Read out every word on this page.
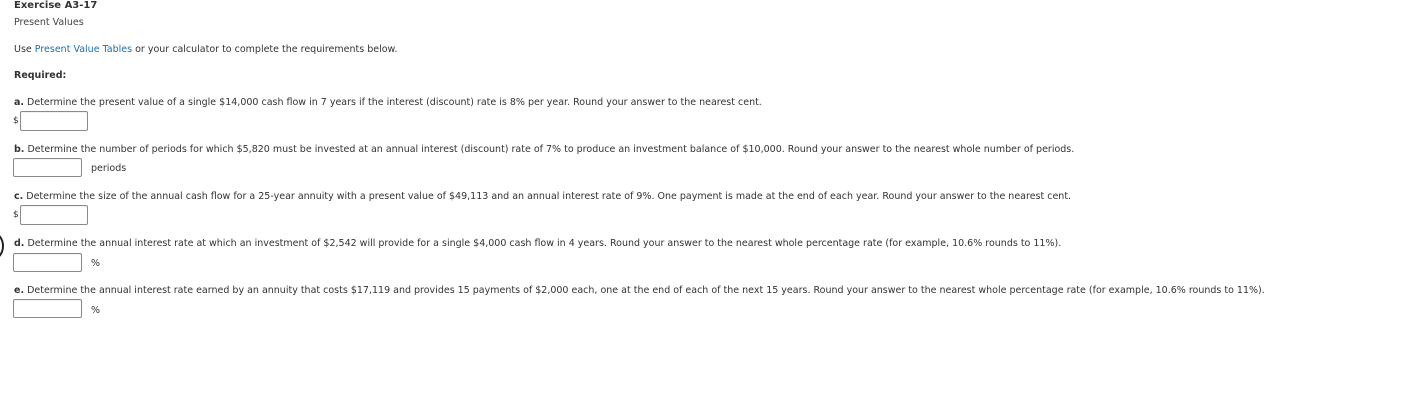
Exercise A3-17
Present Values
Use Present Value Tables or your calculator to complete the requirements below.
Required:
a. Determine the present value of a single $14,000 cash flow in 7 years if the interest (discount) rate is 8% per year. Round your answer to the nearest cent.
$
b. Determine the number of periods for which $5,820 must be invested at an annual interest (discount) rate of 7% to produce an investment balance of $10,000. Round your answer to the nearest whole number of periods.
periods
c. Determine the size of the annual cash flow for a 25-year annuity with a present value of $49,113 and an annual interest rate of 9%. One payment is made at the end of each year. Round your answer to the nearest cent.
$
d. Determine the annual interest rate at which an investment of $2,542 will provide for a single $4,000 cash flow in 4 years. Round your answer to the nearest whole percentage rate (for example, 10.6% rounds to 11%).
%
e. Determine the annual interest rate earned by an annuity that costs $17,119 and provides 15 payments of $2,000 each, one at the end of each of the next 15 years. Round your answer to the nearest whole percentage rate (for example, 10.6% rounds to 11%).
%
